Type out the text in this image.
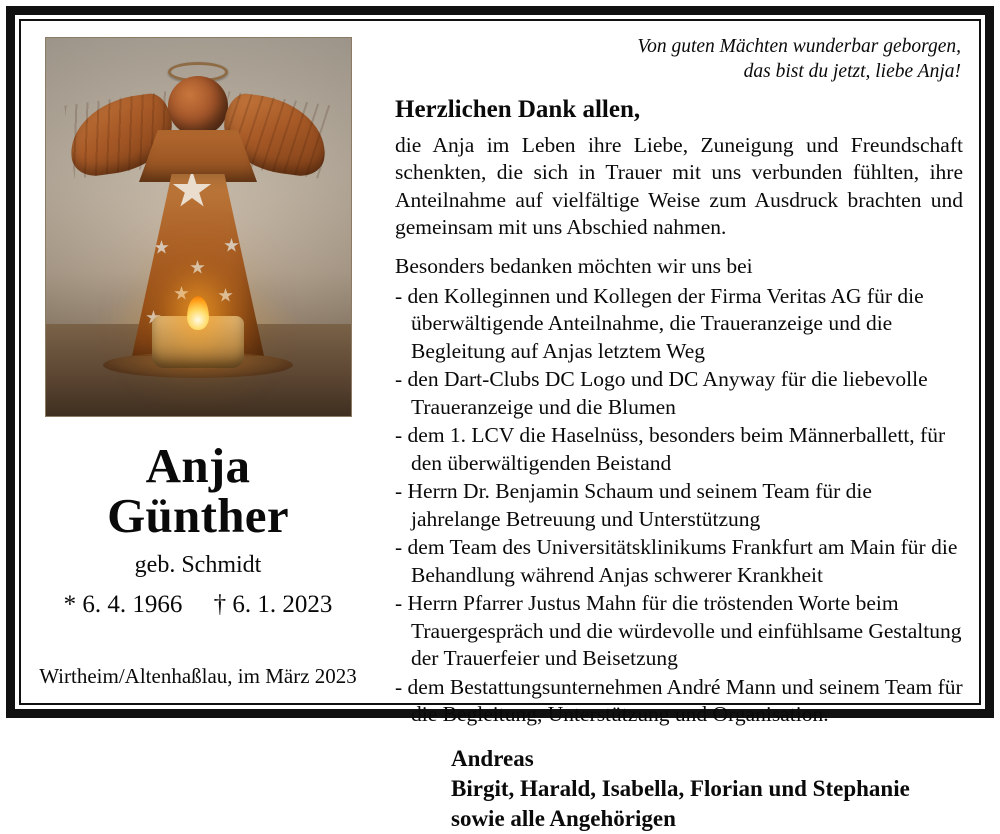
Anja
Günther
geb. Schmidt
* 6. 4. 1966     † 6. 1. 2023
Wirtheim/Altenhaßlau, im März 2023
Von guten Mächten wunderbar geborgen,
das bist du jetzt, liebe Anja!
Herzlichen Dank allen,

die Anja im Leben ihre Liebe, Zuneigung und Freundschaft schenkten, die sich in Trauer mit uns verbunden fühlten, ihre Anteilnahme auf vielfältige Weise zum Ausdruck brachten und gemeinsam mit uns Abschied nahmen.

Besonders bedanken möchten wir uns bei

- den Kolleginnen und Kollegen der Firma Veritas AG für die überwältigende Anteilnahme, die Traueranzeige und die Begleitung auf Anjas letztem Weg
- den Dart-Clubs DC Logo und DC Anyway für die liebevolle Traueranzeige und die Blumen
- dem 1. LCV die Haselnüss, besonders beim Männerballett, für den überwältigenden Beistand
- Herrn Dr. Benjamin Schaum und seinem Team für die jahrelange Betreuung und Unterstützung
- dem Team des Universitätsklinikums Frankfurt am Main für die Behandlung während Anjas schwerer Krankheit
- Herrn Pfarrer Justus Mahn für die tröstenden Worte beim Trauergespräch und die würdevolle und einfühlsame Gestaltung der Trauerfeier und Beisetzung
- dem Bestattungsunternehmen André Mann und seinem Team für die Begleitung, Unterstützung und Organisation.
Andreas
Birgit, Harald, Isabella, Florian und Stephanie
sowie alle Angehörigen
